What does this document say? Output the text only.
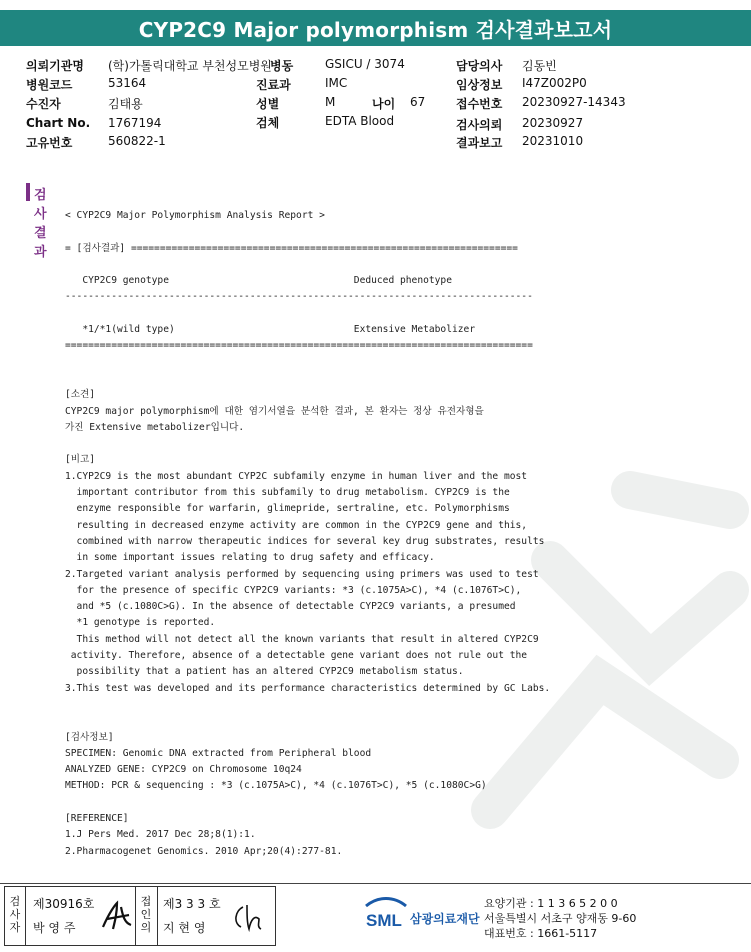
CYP2C9 Major polymorphism 검사결과보고서
의뢰기관명 (학)가톨릭대학교 부천성모병원
병원코드	53164
수진자	김태용
Chart No. 1767194
고유번호	560822-1
병동	GSICU / 3074
진료과	IMC
성별	M	나이 67
검체	EDTA Blood
담당의사 김동빈
임상정보 I47Z002P0
접수번호 20230927-14343
검사의뢰 20230927
결과보고 20231010
검사결과
< CYP2C9 Major Polymorphism Analysis Report >

= [검사결과] ===================================================================

CYP2C9 genotype                                Deduced phenotype
---------------------------------------------------------------------------------

*1/*1(wild type)                               Extensive Metabolizer
=================================================================================

[소견]
CYP2C9 major polymorphism에 대한 염기서열을 분석한 결과, 본 환자는 정상 유전자형을
가진 Extensive metabolizer입니다.

[비고]
1.CYP2C9 is the most abundant CYP2C subfamily enzyme in human liver and the most
important contributor from this subfamily to drug metabolism. CYP2C9 is the
enzyme responsible for warfarin, glimepride, sertraline, etc. Polymorphisms
resulting in decreased enzyme activity are common in the CYP2C9 gene and this,
combined with narrow therapeutic indices for several key drug substrates, results
in some important issues relating to drug safety and efficacy.
2.Targeted variant analysis performed by sequencing using primers was used to test
for the presence of specific CYP2C9 variants: *3 (c.1075A>C), *4 (c.1076T>C),
and *5 (c.1080C>G). In the absence of detectable CYP2C9 variants, a presumed
*1 genotype is reported.
This method will not detect all the known variants that result in altered CYP2C9
activity. Therefore, absence of a detectable gene variant does not rule out the
possibility that a patient has an altered CYP2C9 metabolism status.
3.This test was developed and its performance characteristics determined by GC Labs.

[검사정보]
SPECIMEN: Genomic DNA extracted from Peripheral blood
ANALYZED GENE: CYP2C9 on Chromosome 10q24
METHOD: PCR & sequencing : *3 (c.1075A>C), *4 (c.1076T>C), *5 (c.1080C>G)

[REFERENCE]
1.J Pers Med. 2017 Dec 28;8(1):1.
2.Pharmacogenet Genomics. 2010 Apr;20(4):277-81.
검
사
자
제30916호
박 영 주
접
인
의
제3 3 3 호
지 현 영	SML 삼광의료재단
요양기관 : 1 1 3 6 5 2 0 0
서울특별시 서초구 양재동 9-60
대표번호 : 1661-5117
